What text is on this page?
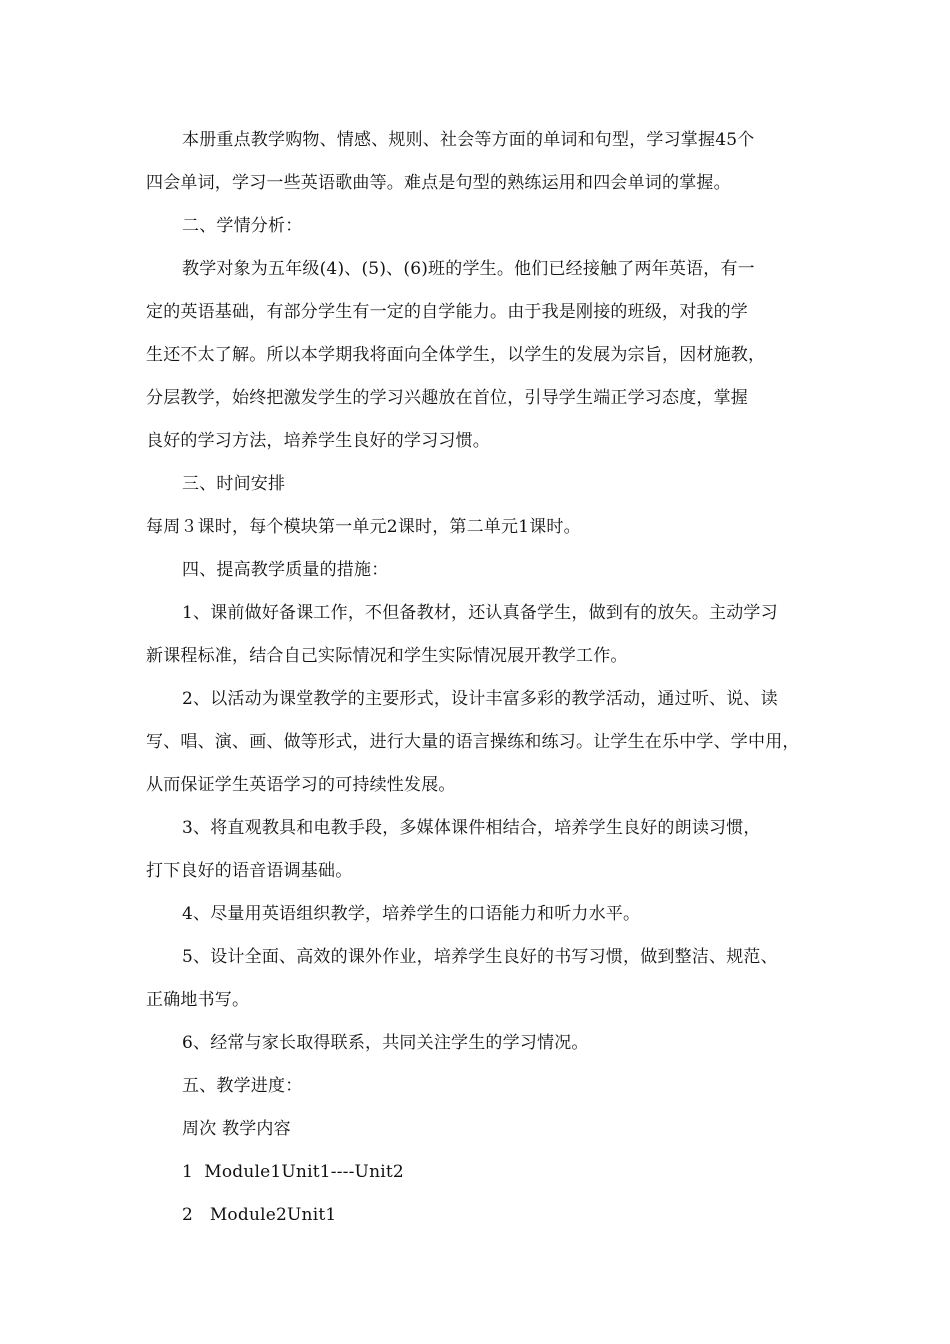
本册重点教学购物、情感、规则、社会等方面的单词和句型，学习掌握45个
四会单词，学习一些英语歌曲等。难点是句型的熟练运用和四会单词的掌握。
二、学情分析：
教学对象为五年级(4)、(5)、(6)班的学生。他们已经接触了两年英语，有一
定的英语基础，有部分学生有一定的自学能力。由于我是刚接的班级，对我的学
生还不太了解。所以本学期我将面向全体学生，以学生的发展为宗旨，因材施教，
分层教学，始终把激发学生的学习兴趣放在首位，引导学生端正学习态度，掌握
良好的学习方法，培养学生良好的学习习惯。
三、时间安排
每周３课时，每个模块第一单元2课时，第二单元1课时。
四、提高教学质量的措施：
1、课前做好备课工作，不但备教材，还认真备学生，做到有的放矢。主动学习
新课程标准，结合自己实际情况和学生实际情况展开教学工作。
2、以活动为课堂教学的主要形式，设计丰富多彩的教学活动，通过听、说、读
写、唱、演、画、做等形式，进行大量的语言操练和练习。让学生在乐中学、学中用，
从而保证学生英语学习的可持续性发展。
3、将直观教具和电教手段，多媒体课件相结合，培养学生良好的朗读习惯，
打下良好的语音语调基础。
4、尽量用英语组织教学，培养学生的口语能力和听力水平。
5、设计全面、高效的课外作业，培养学生良好的书写习惯，做到整洁、规范、
正确地书写。
6、经常与家长取得联系，共同关注学生的学习情况。
五、教学进度：
周次 教学内容
1  Module1Unit1----Unit2
2   Module2Unit1
